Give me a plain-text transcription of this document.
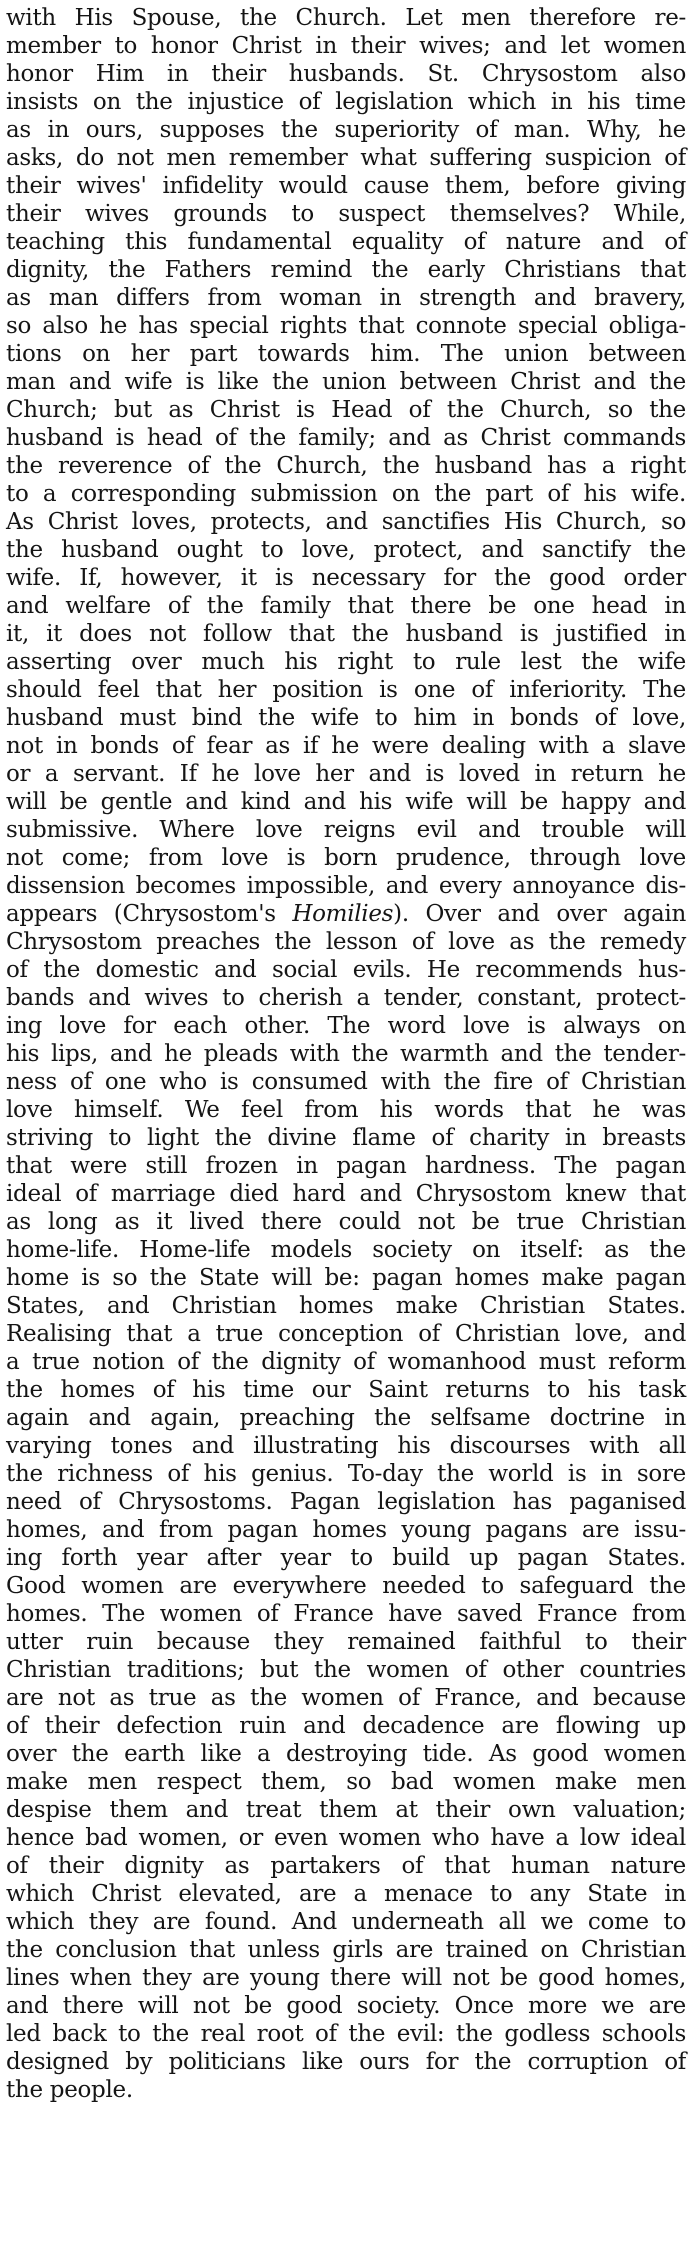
with His Spouse, the Church. Let men therefore re-
member to honor Christ in their wives; and let women
honor Him in their husbands. St. Chrysostom also
insists on the injustice of legislation which in his time
as in ours, supposes the superiority of man. Why, he
asks, do not men remember what suffering suspicion of
their wives' infidelity would cause them, before giving
their wives grounds to suspect themselves? While,
teaching this fundamental equality of nature and of
dignity, the Fathers remind the early Christians that
as man differs from woman in strength and bravery,
so also he has special rights that connote special obliga-
tions on her part towards him. The union between
man and wife is like the union between Christ and the
Church; but as Christ is Head of the Church, so the
husband is head of the family; and as Christ commands
the reverence of the Church, the husband has a right
to a corresponding submission on the part of his wife.
As Christ loves, protects, and sanctifies His Church, so
the husband ought to love, protect, and sanctify the
wife. If, however, it is necessary for the good order
and welfare of the family that there be one head in
it, it does not follow that the husband is justified in
asserting over much his right to rule lest the wife
should feel that her position is one of inferiority. The
husband must bind the wife to him in bonds of love,
not in bonds of fear as if he were dealing with a slave
or a servant. If he love her and is loved in return he
will be gentle and kind and his wife will be happy and
submissive. Where love reigns evil and trouble will
not come; from love is born prudence, through love
dissension becomes impossible, and every annoyance dis-
appears (Chrysostom's Homilies). Over and over again
Chrysostom preaches the lesson of love as the remedy
of the domestic and social evils. He recommends hus-
bands and wives to cherish a tender, constant, protect-
ing love for each other. The word love is always on
his lips, and he pleads with the warmth and the tender-
ness of one who is consumed with the fire of Christian
love himself. We feel from his words that he was
striving to light the divine flame of charity in breasts
that were still frozen in pagan hardness. The pagan
ideal of marriage died hard and Chrysostom knew that
as long as it lived there could not be true Christian
home-life. Home-life models society on itself: as the
home is so the State will be: pagan homes make pagan
States, and Christian homes make Christian States.
Realising that a true conception of Christian love, and
a true notion of the dignity of womanhood must reform
the homes of his time our Saint returns to his task
again and again, preaching the selfsame doctrine in
varying tones and illustrating his discourses with all
the richness of his genius. To-day the world is in sore
need of Chrysostoms. Pagan legislation has paganised
homes, and from pagan homes young pagans are issu-
ing forth year after year to build up pagan States.
Good women are everywhere needed to safeguard the
homes. The women of France have saved France from
utter ruin because they remained faithful to their
Christian traditions; but the women of other countries
are not as true as the women of France, and because
of their defection ruin and decadence are flowing up
over the earth like a destroying tide. As good women
make men respect them, so bad women make men
despise them and treat them at their own valuation;
hence bad women, or even women who have a low ideal
of their dignity as partakers of that human nature
which Christ elevated, are a menace to any State in
which they are found. And underneath all we come to
the conclusion that unless girls are trained on Christian
lines when they are young there will not be good homes,
and there will not be good society. Once more we are
led back to the real root of the evil: the godless schools
designed by politicians like ours for the corruption of
the people.
